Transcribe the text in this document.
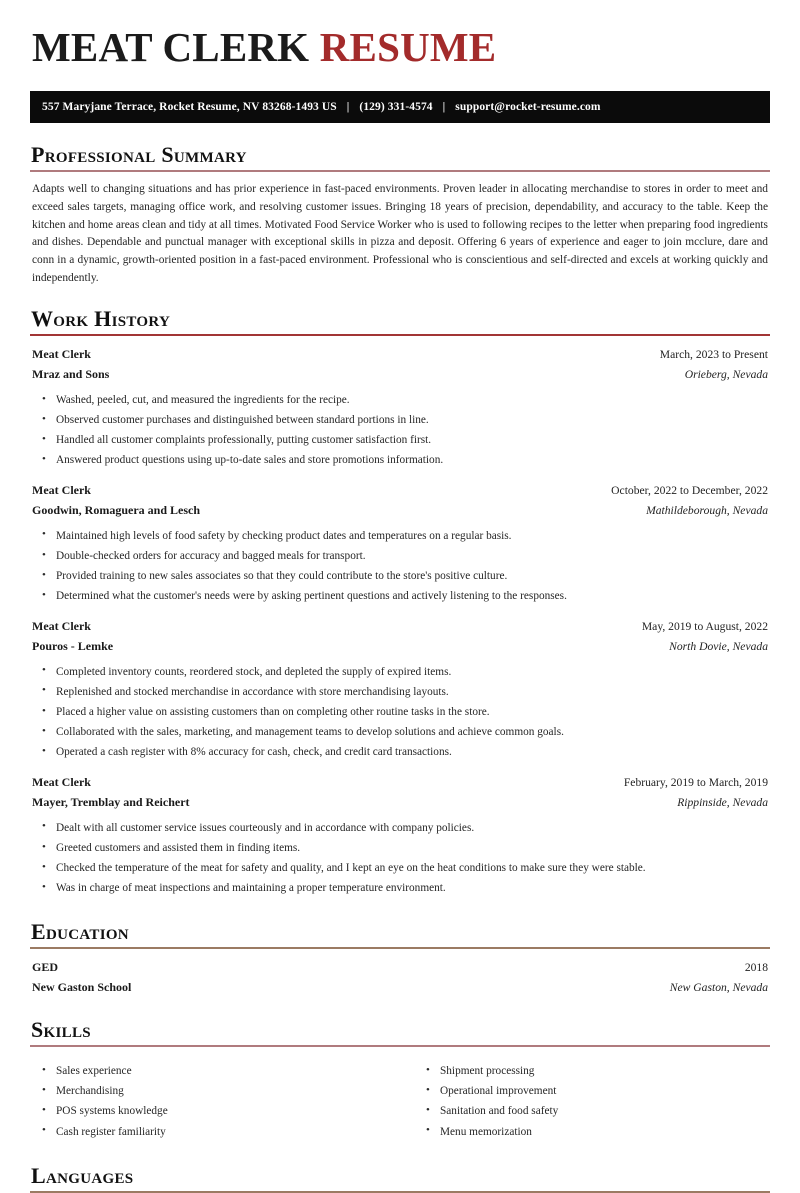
MEAT CLERK RESUME
557 Maryjane Terrace, Rocket Resume, NV 83268-1493 US | (129) 331-4574 | support@rocket-resume.com
Professional Summary

Adapts well to changing situations and has prior experience in fast-paced environments. Proven leader in allocating merchandise to stores in order to meet and exceed sales targets, managing office work, and resolving customer issues. Bringing 18 years of precision, dependability, and accuracy to the table. Keep the kitchen and home areas clean and tidy at all times. Motivated Food Service Worker who is used to following recipes to the letter when preparing food ingredients and dishes. Dependable and punctual manager with exceptional skills in pizza and deposit. Offering 6 years of experience and eager to join mcclure, dare and conn in a dynamic, growth-oriented position in a fast-paced environment. Professional who is conscientious and self-directed and excels at working quickly and independently.

Work History
Meat Clerk	March, 2023 to Present
Mraz and Sons	Orieberg, Nevada
• Washed, peeled, cut, and measured the ingredients for the recipe.
• Observed customer purchases and distinguished between standard portions in line.
• Handled all customer complaints professionally, putting customer satisfaction first.
• Answered product questions using up-to-date sales and store promotions information.
Meat Clerk	October, 2022 to December, 2022
Goodwin, Romaguera and Lesch	Mathildeborough, Nevada
• Maintained high levels of food safety by checking product dates and temperatures on a regular basis.
• Double-checked orders for accuracy and bagged meals for transport.
• Provided training to new sales associates so that they could contribute to the store's positive culture.
• Determined what the customer's needs were by asking pertinent questions and actively listening to the responses.
Meat Clerk	May, 2019 to August, 2022
Pouros - Lemke	North Dovie, Nevada
• Completed inventory counts, reordered stock, and depleted the supply of expired items.
• Replenished and stocked merchandise in accordance with store merchandising layouts.
• Placed a higher value on assisting customers than on completing other routine tasks in the store.
• Collaborated with the sales, marketing, and management teams to develop solutions and achieve common goals.
• Operated a cash register with 8% accuracy for cash, check, and credit card transactions.
Meat Clerk	February, 2019 to March, 2019
Mayer, Tremblay and Reichert	Rippinside, Nevada
• Dealt with all customer service issues courteously and in accordance with company policies.
• Greeted customers and assisted them in finding items.
• Checked the temperature of the meat for safety and quality, and I kept an eye on the heat conditions to make sure they were stable.
• Was in charge of meat inspections and maintaining a proper temperature environment.
Education
GED	2018
New Gaston School	New Gaston, Nevada
Skills
• Sales experience
• Merchandising
• POS systems knowledge
• Cash register familiarity
• Shipment processing
• Operational improvement
• Sanitation and food safety
• Menu memorization
Languages
